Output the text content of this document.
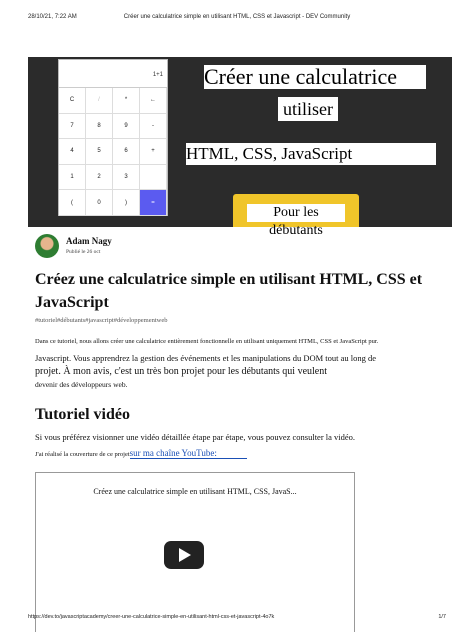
28/10/21, 7:22 AM	Créer une calculatrice simple en utilisant HTML, CSS et Javascript - DEV Community
1+1
C	/	*	←
7	8	9	-
4	5	6	+
1	2	3
(	0	)	=
Créer une calculatrice
utiliser
HTML, CSS, JavaScript
Pour les débutants
Adam Nagy
Publié le 26 oct
Créez une calculatrice simple en utilisant HTML, CSS et JavaScript
#tutoriel#débutants#javascript#développementweb
Dans ce tutoriel, nous allons créer une calculatrice entièrement fonctionnelle en utilisant uniquement HTML, CSS et JavaScript pur.
Javascript. Vous apprendrez la gestion des événements et les manipulations du DOM tout au long de
projet. À mon avis, c'est un très bon projet pour les débutants qui veulent
devenir des développeurs web.
Tutoriel vidéo
Si vous préférez visionner une vidéo détaillée étape par étape, vous pouvez consulter la vidéo.
J'ai réalisé la couverture de ce projetsur ma chaîne YouTube:
Créez une calculatrice simple en utilisant HTML, CSS, JavaS...
https://dev.to/javascriptacademy/creer-une-calculatrice-simple-en-utilisant-html-css-et-javascript-4o7k	1/7
